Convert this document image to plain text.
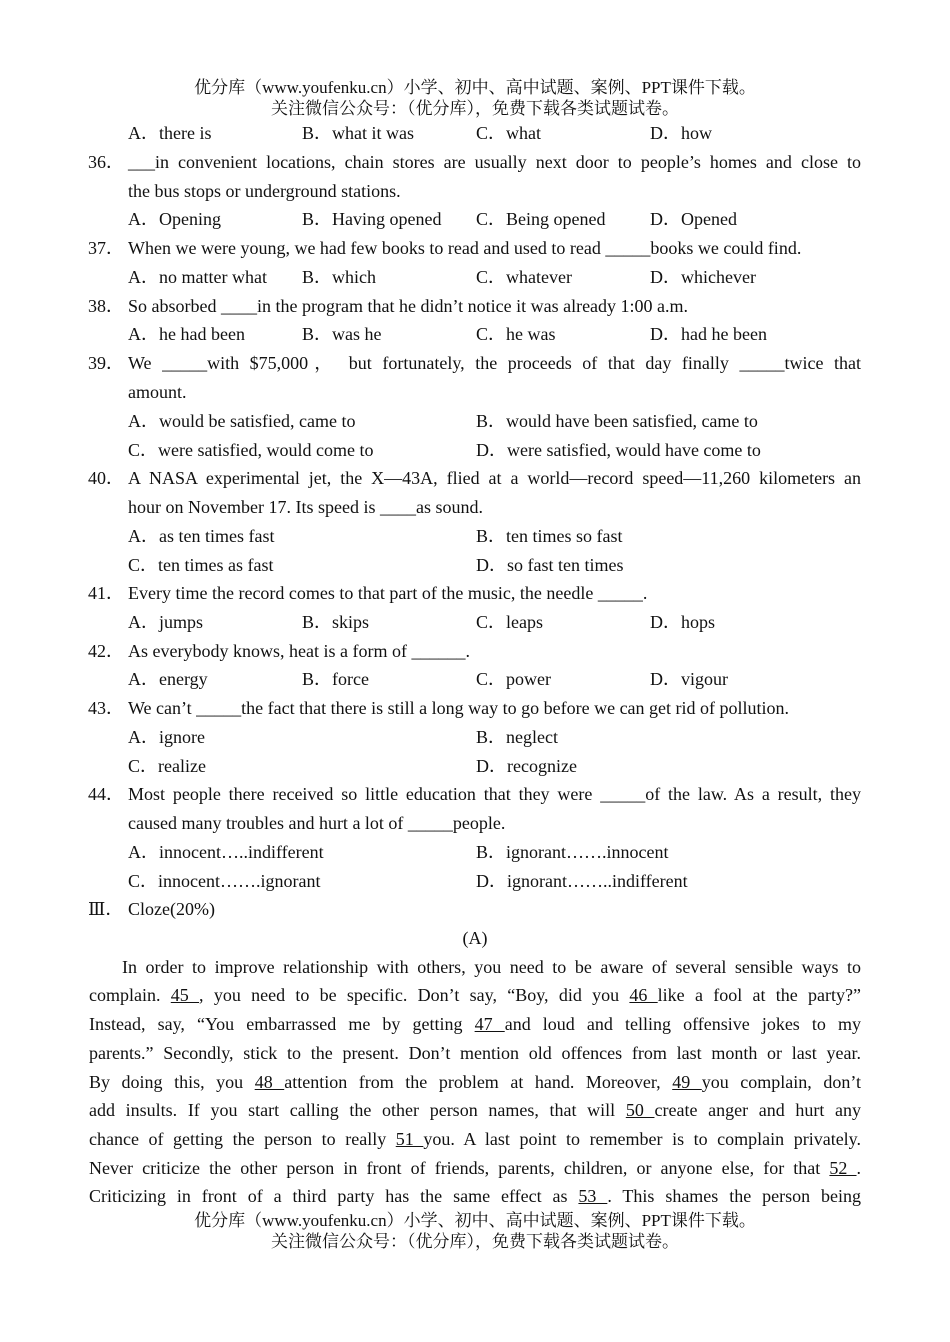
优分库（www.youfenku.cn）小学、初中、高中试题、案例、PPT课件下载。
关注微信公众号：（优分库），免费下载各类试题试卷。
A．there is	B．what it was	C．what	D．how
36． ___in convenient locations, chain stores are usually next door to people’s homes and close to
the bus stops or underground stations.
A．Opening	B．Having opened C．Being opened D．Opened
37． When we were young, we had few books to read and used to read _____books we could find.
A．no matter what B．which	C．whatever	D．whichever
38． So absorbed ____in the program that he didn’t notice it was already 1:00 a.m.
A．he had been	B．was he	C．he was	D．had he been
39． We _____with $75,000， but fortunately, the proceeds of that day finally _____twice that
amount.
A．would be satisfied, came to	B．would have been satisfied, came to
C．were satisfied, would come to	D．were satisfied, would have come to
40． A NASA experimental jet, the X—43A, flied at a world—record speed—11,260 kilometers an
hour on November 17. Its speed is ____as sound.
A．as ten times fast	B．ten times so fast
C．ten times as fast	D．so fast ten times
41． Every time the record comes to that part of the music, the needle _____.
A．jumps	B．skips	C．leaps	D．hops
42． As everybody knows, heat is a form of ______.
A．energy	B．force	C．power	D．vigour
43． We can’t _____the fact that there is still a long way to go before we can get rid of pollution.
A．ignore	B．neglect
C．realize	D．recognize
44． Most people there received so little education that they were _____of the law. As a result, they
caused many troubles and hurt a lot of _____people.
A．innocent…..indifferent	B．ignorant…….innocent
C．innocent…….ignorant	D．ignorant……..indifferent
Ⅲ． Cloze(20%)
(A)
In order to improve relationship with others, you need to be aware of several sensible ways to
complain. 45 , you need to be specific. Don’t say, “Boy, did you 46 like a fool at the party?”
Instead, say, “You embarrassed me by getting 47 and loud and telling offensive jokes to my
parents.” Secondly, stick to the present. Don’t mention old offences from last month or last year.
By doing this, you 48 attention from the problem at hand. Moreover, 49 you complain, don’t
add insults. If you start calling the other person names, that will 50 create anger and hurt any
chance of getting the person to really 51 you. A last point to remember is to complain privately.
Never criticize the other person in front of friends, parents, children, or anyone else, for that 52 .
Criticizing in front of a third party has the same effect as 53 . This shames the person being
优分库（www.youfenku.cn）小学、初中、高中试题、案例、PPT课件下载。
关注微信公众号：（优分库），免费下载各类试题试卷。
